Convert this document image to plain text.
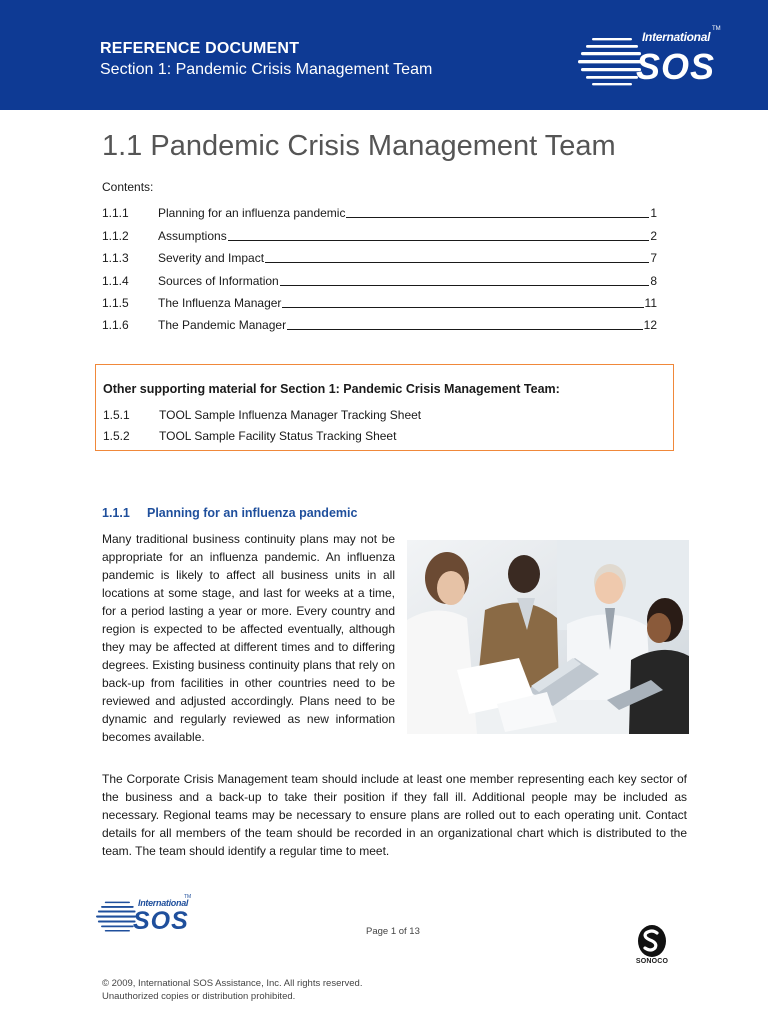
REFERENCE DOCUMENT
Section 1: Pandemic Crisis Management Team
International
TM
SOS
1.1 Pandemic Crisis Management Team
Contents:
1.1.1	Planning for an influenza pandemic	1
1.1.2	Assumptions	2
1.1.3	Severity and Impact	7
1.1.4	Sources of Information	8
1.1.5	The Influenza Manager	11
1.1.6	The Pandemic Manager	12
Other supporting material for Section 1: Pandemic Crisis Management Team:
1.5.1	TOOL Sample Influenza Manager Tracking Sheet
1.5.2	TOOL Sample Facility Status Tracking Sheet
1.1.1 Planning for an influenza pandemic

Many traditional business continuity plans may not be appropriate for an influenza pandemic. An influenza pandemic is likely to affect all business units in all locations at some stage, and last for weeks at a time, for a period lasting a year or more. Every country and region is expected to be affected eventually, although they may be affected at different times and to differing degrees. Existing business continuity plans that rely on back-up from facilities in other countries need to be reviewed and adjusted accordingly. Plans need to be dynamic and regularly reviewed as new information becomes available.

The Corporate Crisis Management team should include at least one member representing each key sector of the business and a back-up to take their position if they fall ill. Additional people may be included as necessary. Regional teams may be necessary to ensure plans are rolled out to each operating unit. Contact details for all members of the team should be recorded in an organizational chart which is distributed to the team. The team should identify a regular time to meet.

International
TM
SOS	Page 1 of 13
SONOCO
© 2009, International SOS Assistance, Inc. All rights reserved.
Unauthorized copies or distribution prohibited.
